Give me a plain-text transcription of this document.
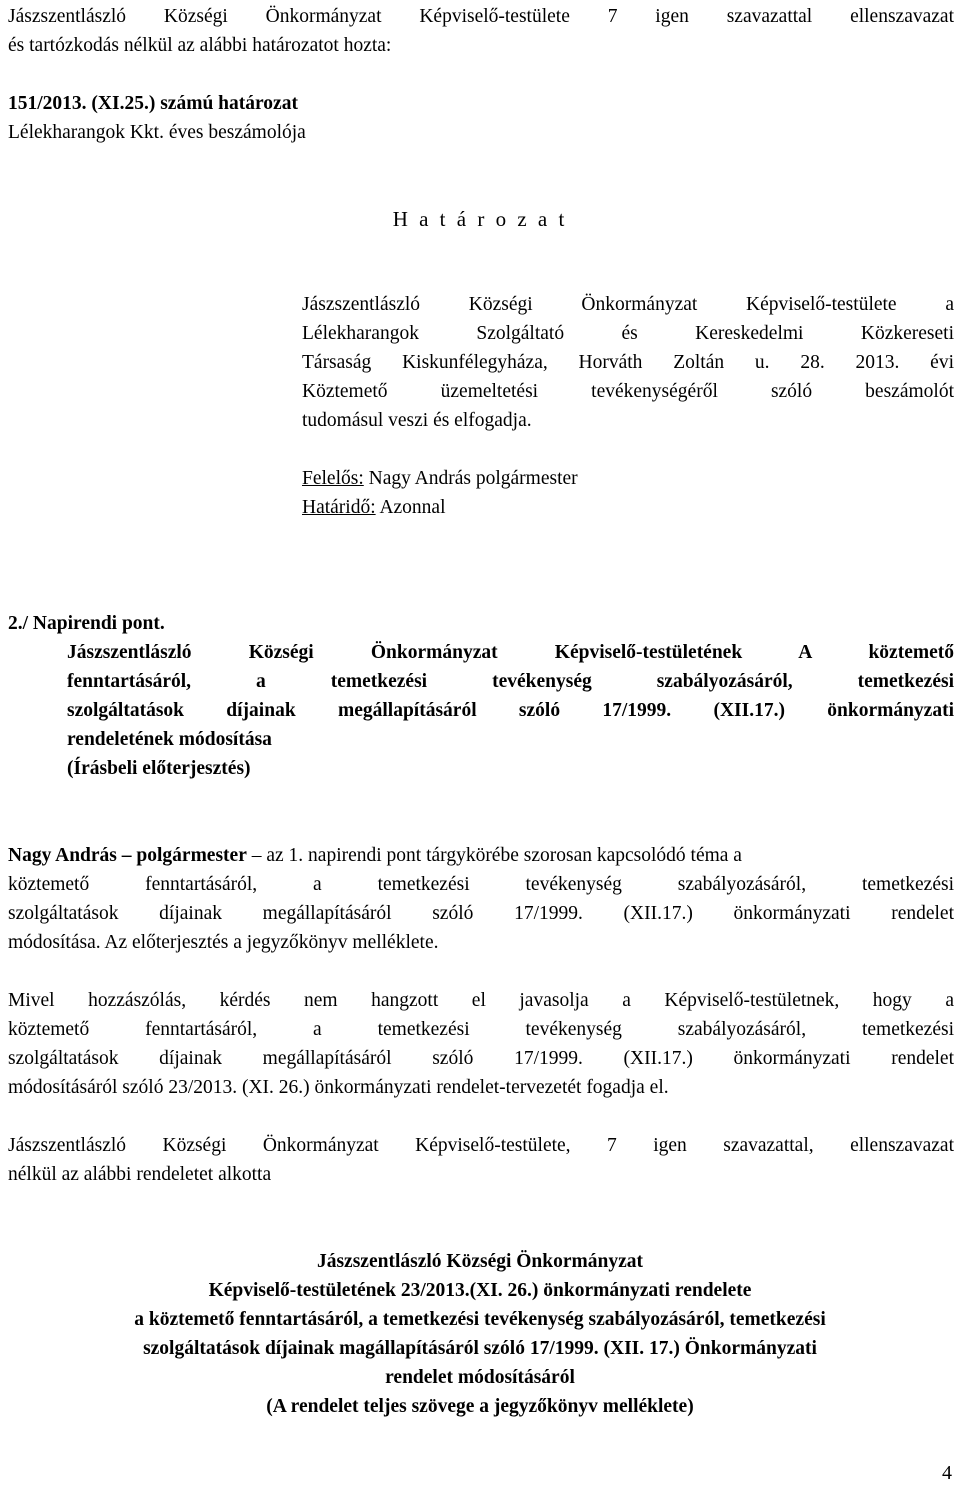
Jászszentlászló Községi Önkormányzat Képviselő-testülete 7 igen szavazattal ellenszavazat

és tartózkodás nélkül az alábbi határozatot hozta:

151/2013. (XI.25.) számú határozat

Lélekharangok Kkt. éves beszámolója

H a t á r o z a t

Jászszentlászló Községi Önkormányzat Képviselő-testülete a

Lélekharangok Szolgáltató és Kereskedelmi Közkereseti

Társaság Kiskunfélegyháza, Horváth Zoltán u. 28. 2013. évi

Köztemető üzemeltetési tevékenységéről szóló beszámolót

tudomásul veszi és elfogadja.

Felelős: Nagy András polgármester

Határidő: Azonnal

2./ Napirendi pont.

Jászszentlászló Községi Önkormányzat Képviselő-testületének A köztemető

fenntartásáról, a temetkezési tevékenység szabályozásáról, temetkezési

szolgáltatások díjainak megállapításáról szóló 17/1999. (XII.17.) önkormányzati

rendeletének módosítása

(Írásbeli előterjesztés)

Nagy András – polgármester – az 1. napirendi pont tárgykörébe szorosan kapcsolódó téma a

köztemető fenntartásáról, a temetkezési tevékenység szabályozásáról, temetkezési

szolgáltatások díjainak megállapításáról szóló 17/1999. (XII.17.) önkormányzati rendelet

módosítása. Az előterjesztés a jegyzőkönyv melléklete.

Mivel hozzászólás, kérdés nem hangzott el javasolja a Képviselő-testületnek, hogy a

köztemető fenntartásáról, a temetkezési tevékenység szabályozásáról, temetkezési

szolgáltatások díjainak megállapításáról szóló 17/1999. (XII.17.) önkormányzati rendelet

módosításáról szóló 23/2013. (XI. 26.) önkormányzati rendelet-tervezetét fogadja el.

Jászszentlászló Községi Önkormányzat Képviselő-testülete, 7 igen szavazattal, ellenszavazat

nélkül az alábbi rendeletet alkotta

Jászszentlászló Községi Önkormányzat

Képviselő-testületének 23/2013.(XI. 26.) önkormányzati rendelete

a köztemető fenntartásáról, a temetkezési tevékenység szabályozásáról, temetkezési

szolgáltatások díjainak magállapításáról szóló 17/1999. (XII. 17.) Önkormányzati

rendelet módosításáról

(A rendelet teljes szövege a jegyzőkönyv melléklete)

4
